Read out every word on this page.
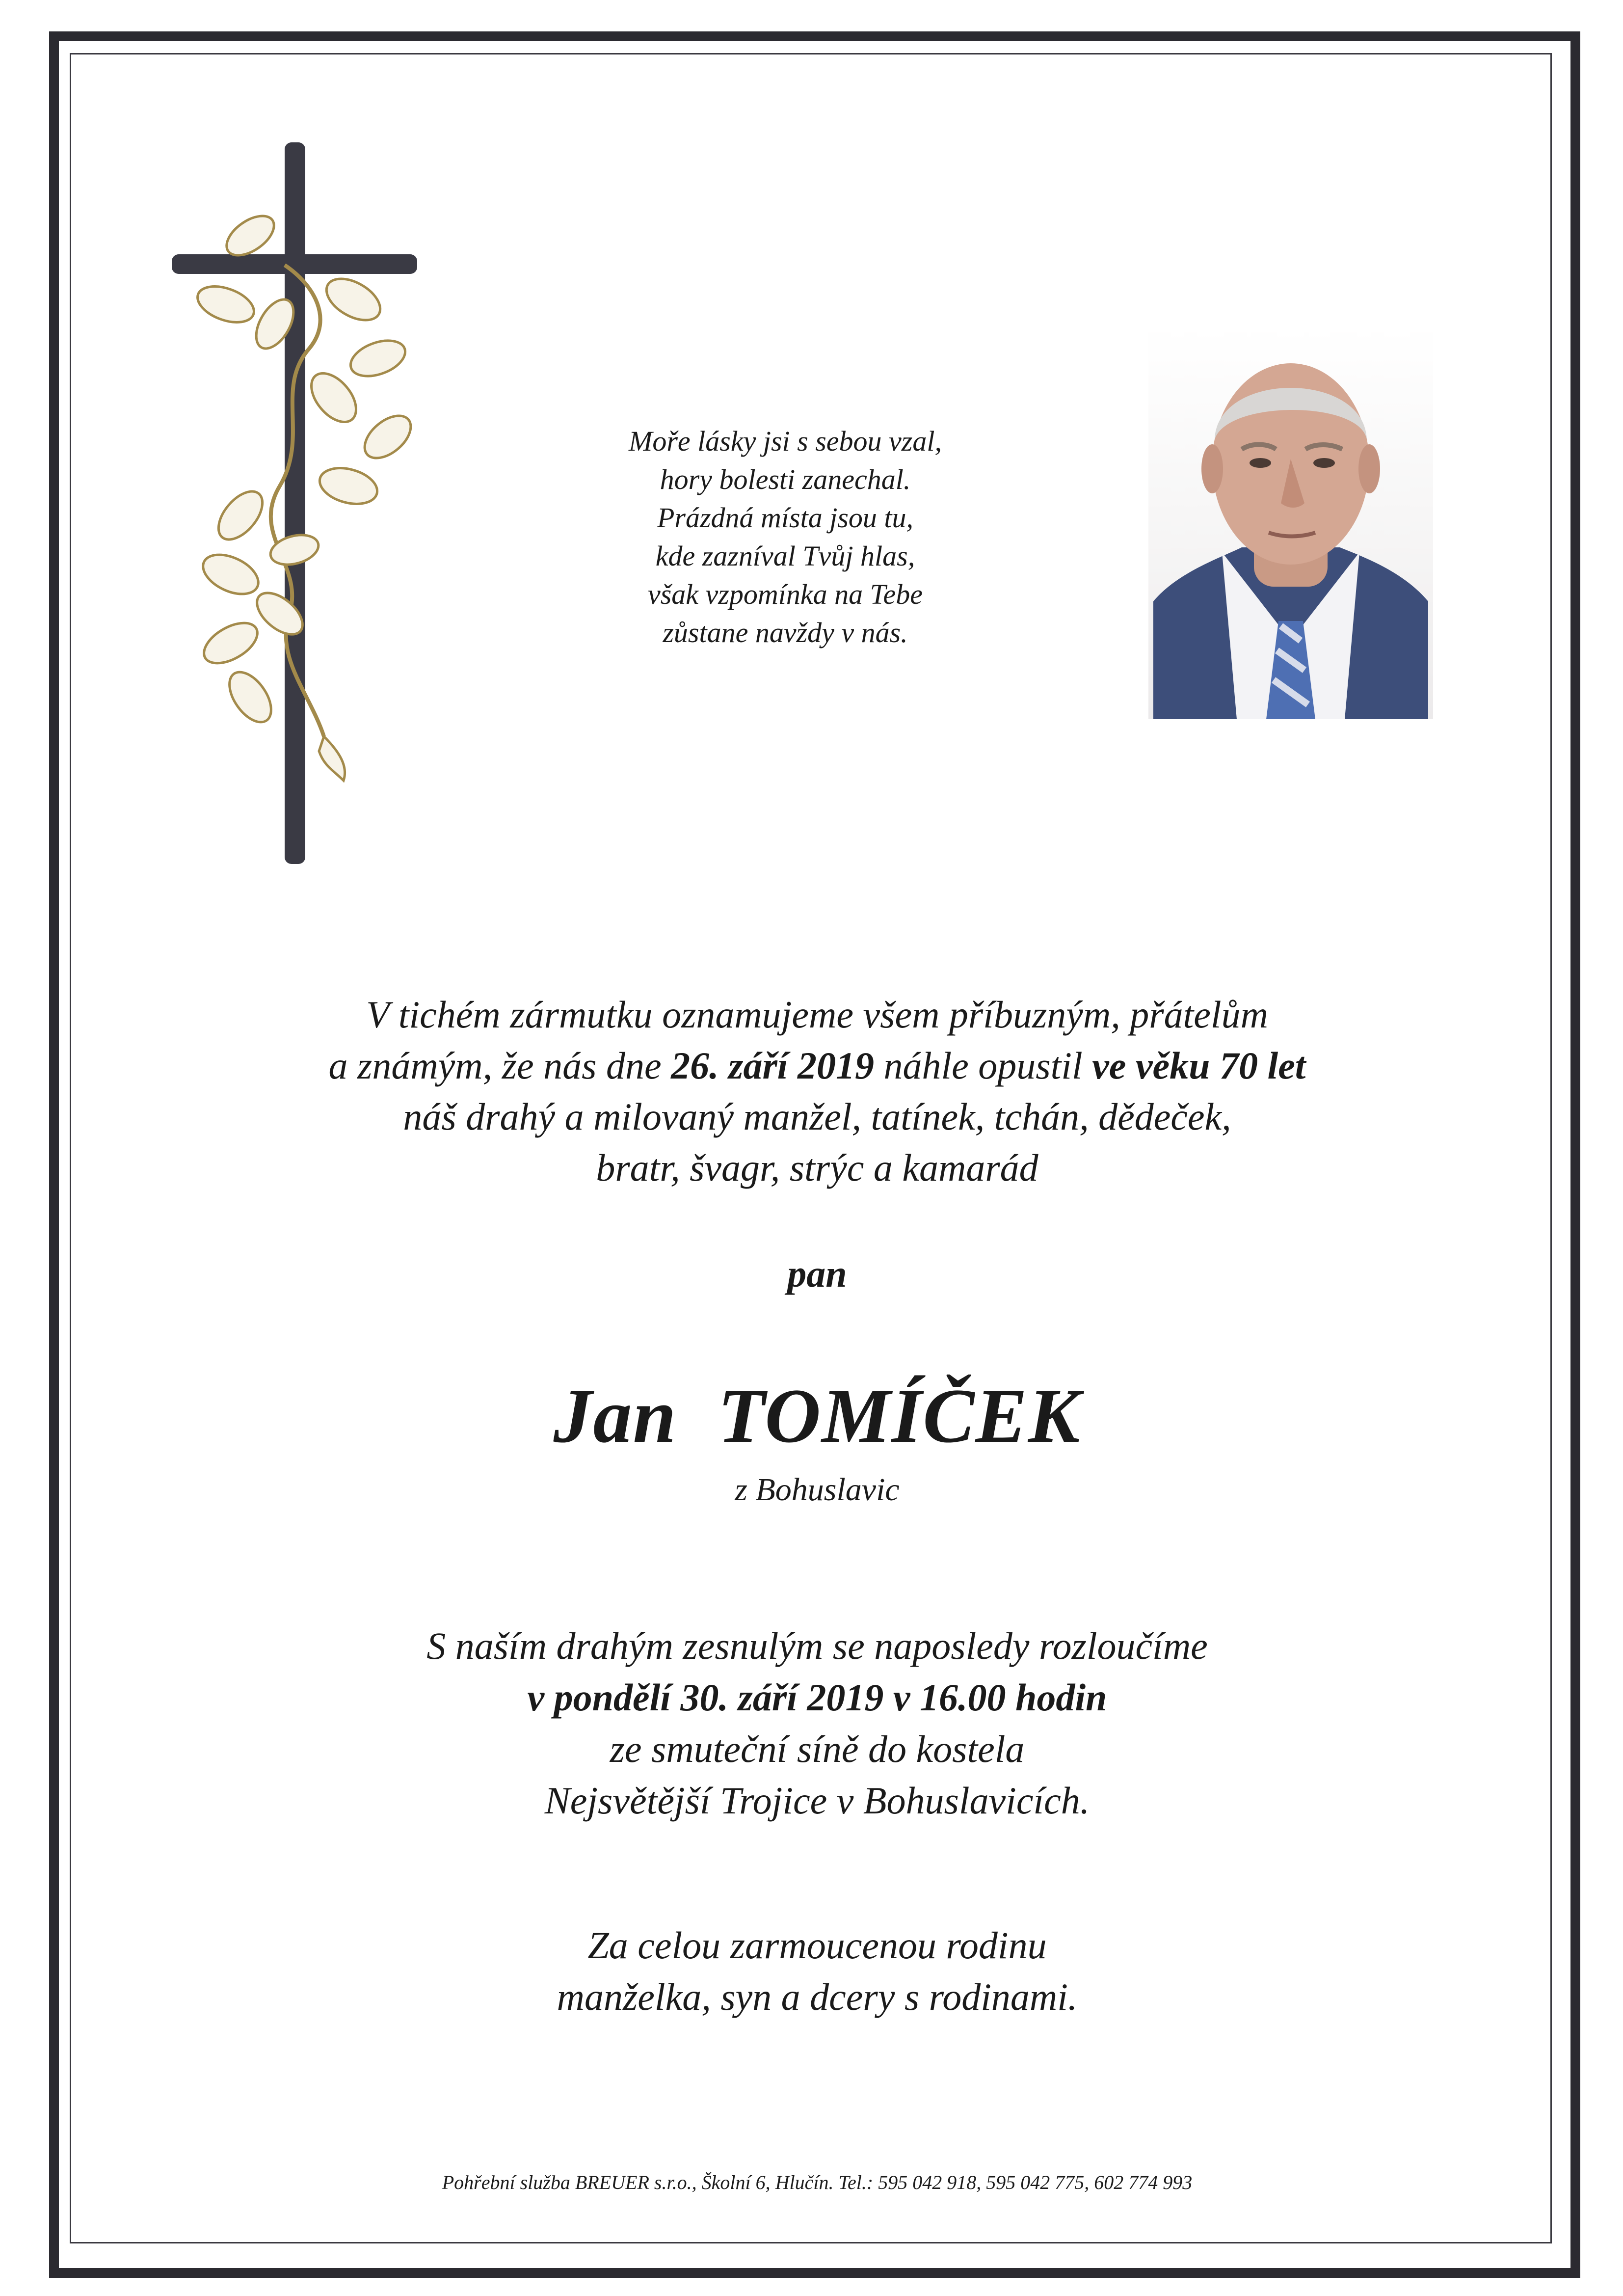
Moře lásky jsi s sebou vzal,
hory bolesti zanechal.
Prázdná místa jsou tu,
kde zazníval Tvůj hlas,
však vzpomínka na Tebe
zůstane navždy v nás.
V tichém zármutku oznamujeme všem příbuzným, přátelům
a známým, že nás dne 26. září 2019 náhle opustil ve věku 70 let
náš drahý a milovaný manžel, tatínek, tchán, dědeček,
bratr, švagr, strýc a kamarád
pan
Jan  TOMÍČEK
z Bohuslavic
S naším drahým zesnulým se naposledy rozloučíme
v pondělí 30. září 2019 v 16.00 hodin
ze smuteční síně do kostela
Nejsvětější Trojice v Bohuslavicích.
Za celou zarmoucenou rodinu
manželka, syn a dcery s rodinami.
Pohřební služba BREUER s.r.o., Školní 6, Hlučín. Tel.: 595 042 918, 595 042 775, 602 774 993
